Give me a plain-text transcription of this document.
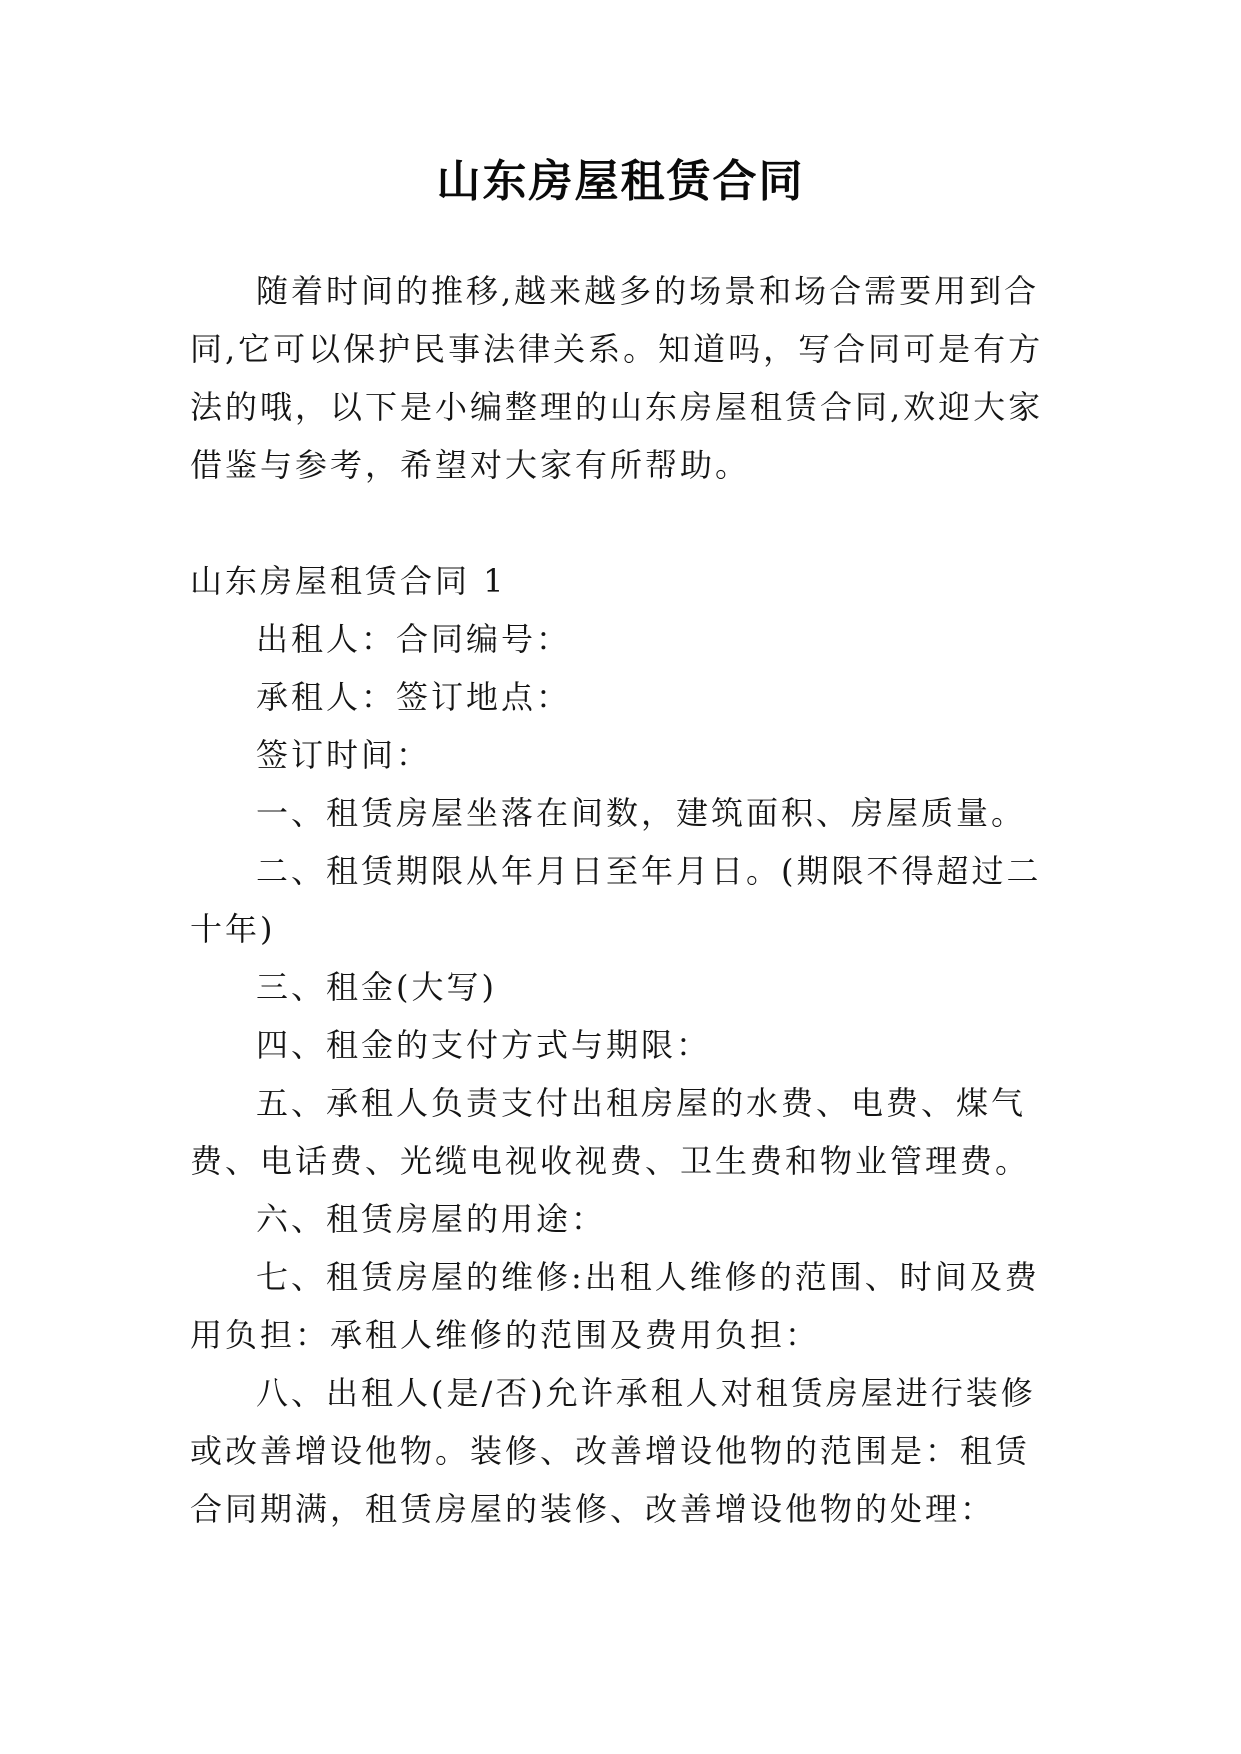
山东房屋租赁合同

随着时间的推移,越来越多的场景和场合需要用到合同,它可以保护民事法律关系。知道吗，写合同可是有方法的哦，以下是小编整理的山东房屋租赁合同,欢迎大家借鉴与参考，希望对大家有所帮助。

山东房屋租赁合同 1

出租人：合同编号：

承租人：签订地点：

签订时间：

一、租赁房屋坐落在间数，建筑面积、房屋质量。

二、租赁期限从年月日至年月日。(期限不得超过二十年)

三、租金(大写)

四、租金的支付方式与期限：

五、承租人负责支付出租房屋的水费、电费、煤气费、电话费、光缆电视收视费、卫生费和物业管理费。

六、租赁房屋的用途：

七、租赁房屋的维修:出租人维修的范围、时间及费用负担：承租人维修的范围及费用负担：

八、出租人(是/否)允许承租人对租赁房屋进行装修或改善增设他物。装修、改善增设他物的范围是：租赁合同期满，租赁房屋的装修、改善增设他物的处理：
